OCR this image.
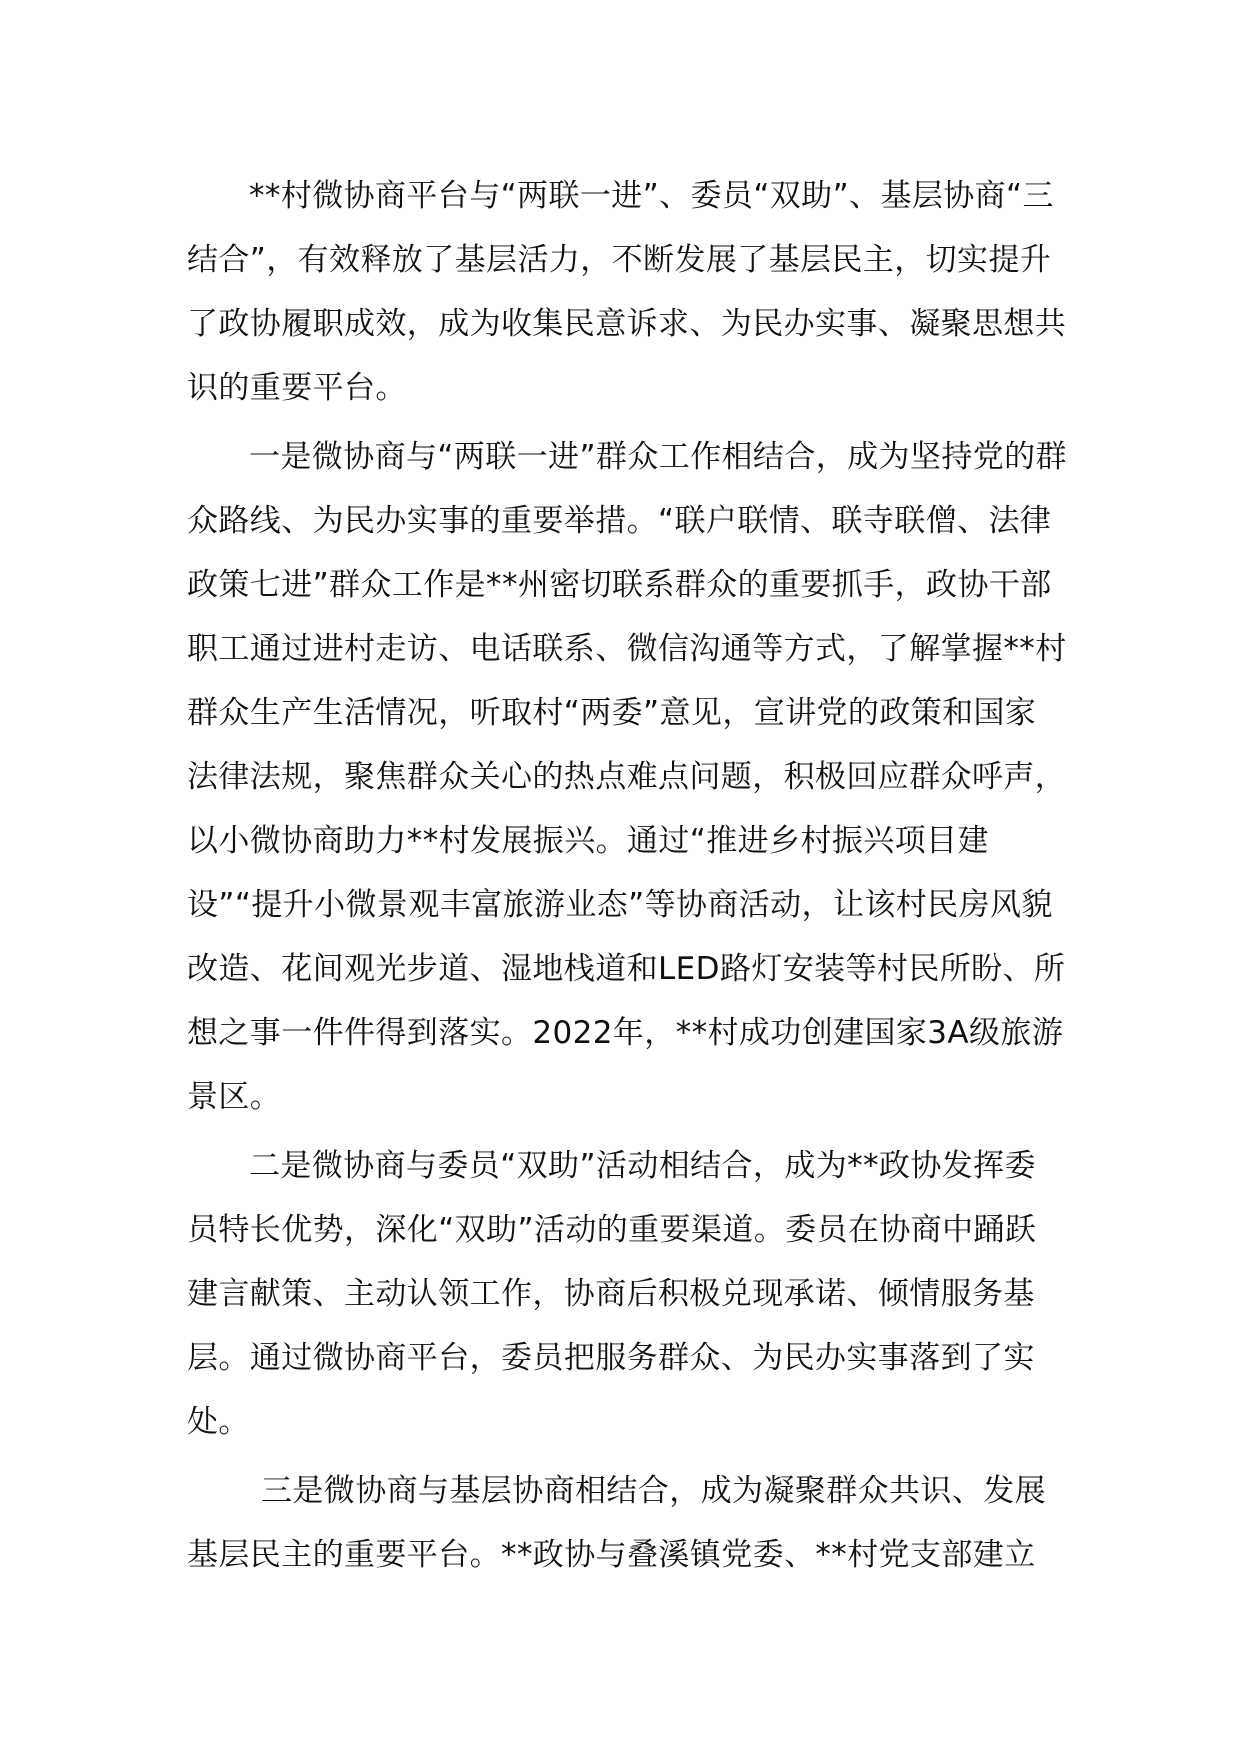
**村微协商平台与“两联一进”、委员“双助”、基层协商“三结合”，有效释放了基层活力，不断发展了基层民主，切实提升了政协履职成效，成为收集民意诉求、为民办实事、凝聚思想共识的重要平台。

一是微协商与“两联一进”群众工作相结合，成为坚持党的群众路线、为民办实事的重要举措。“联户联情、联寺联僧、法律政策七进”群众工作是**州密切联系群众的重要抓手，政协干部职工通过进村走访、电话联系、微信沟通等方式，了解掌握**村群众生产生活情况，听取村“两委”意见，宣讲党的政策和国家法律法规，聚焦群众关心的热点难点问题，积极回应群众呼声，以小微协商助力**村发展振兴。通过“推进乡村振兴项目建设”“提升小微景观丰富旅游业态”等协商活动，让该村民房风貌改造、花间观光步道、湿地栈道和LED路灯安装等村民所盼、所想之事一件件得到落实。2022年，**村成功创建国家3A级旅游景区。

二是微协商与委员“双助”活动相结合，成为**政协发挥委员特长优势，深化“双助”活动的重要渠道。委员在协商中踊跃建言献策、主动认领工作，协商后积极兑现承诺、倾情服务基层。通过微协商平台，委员把服务群众、为民办实事落到了实处。

三是微协商与基层协商相结合，成为凝聚群众共识、发展基层民主的重要平台。**政协与叠溪镇党委、**村党支部建立
